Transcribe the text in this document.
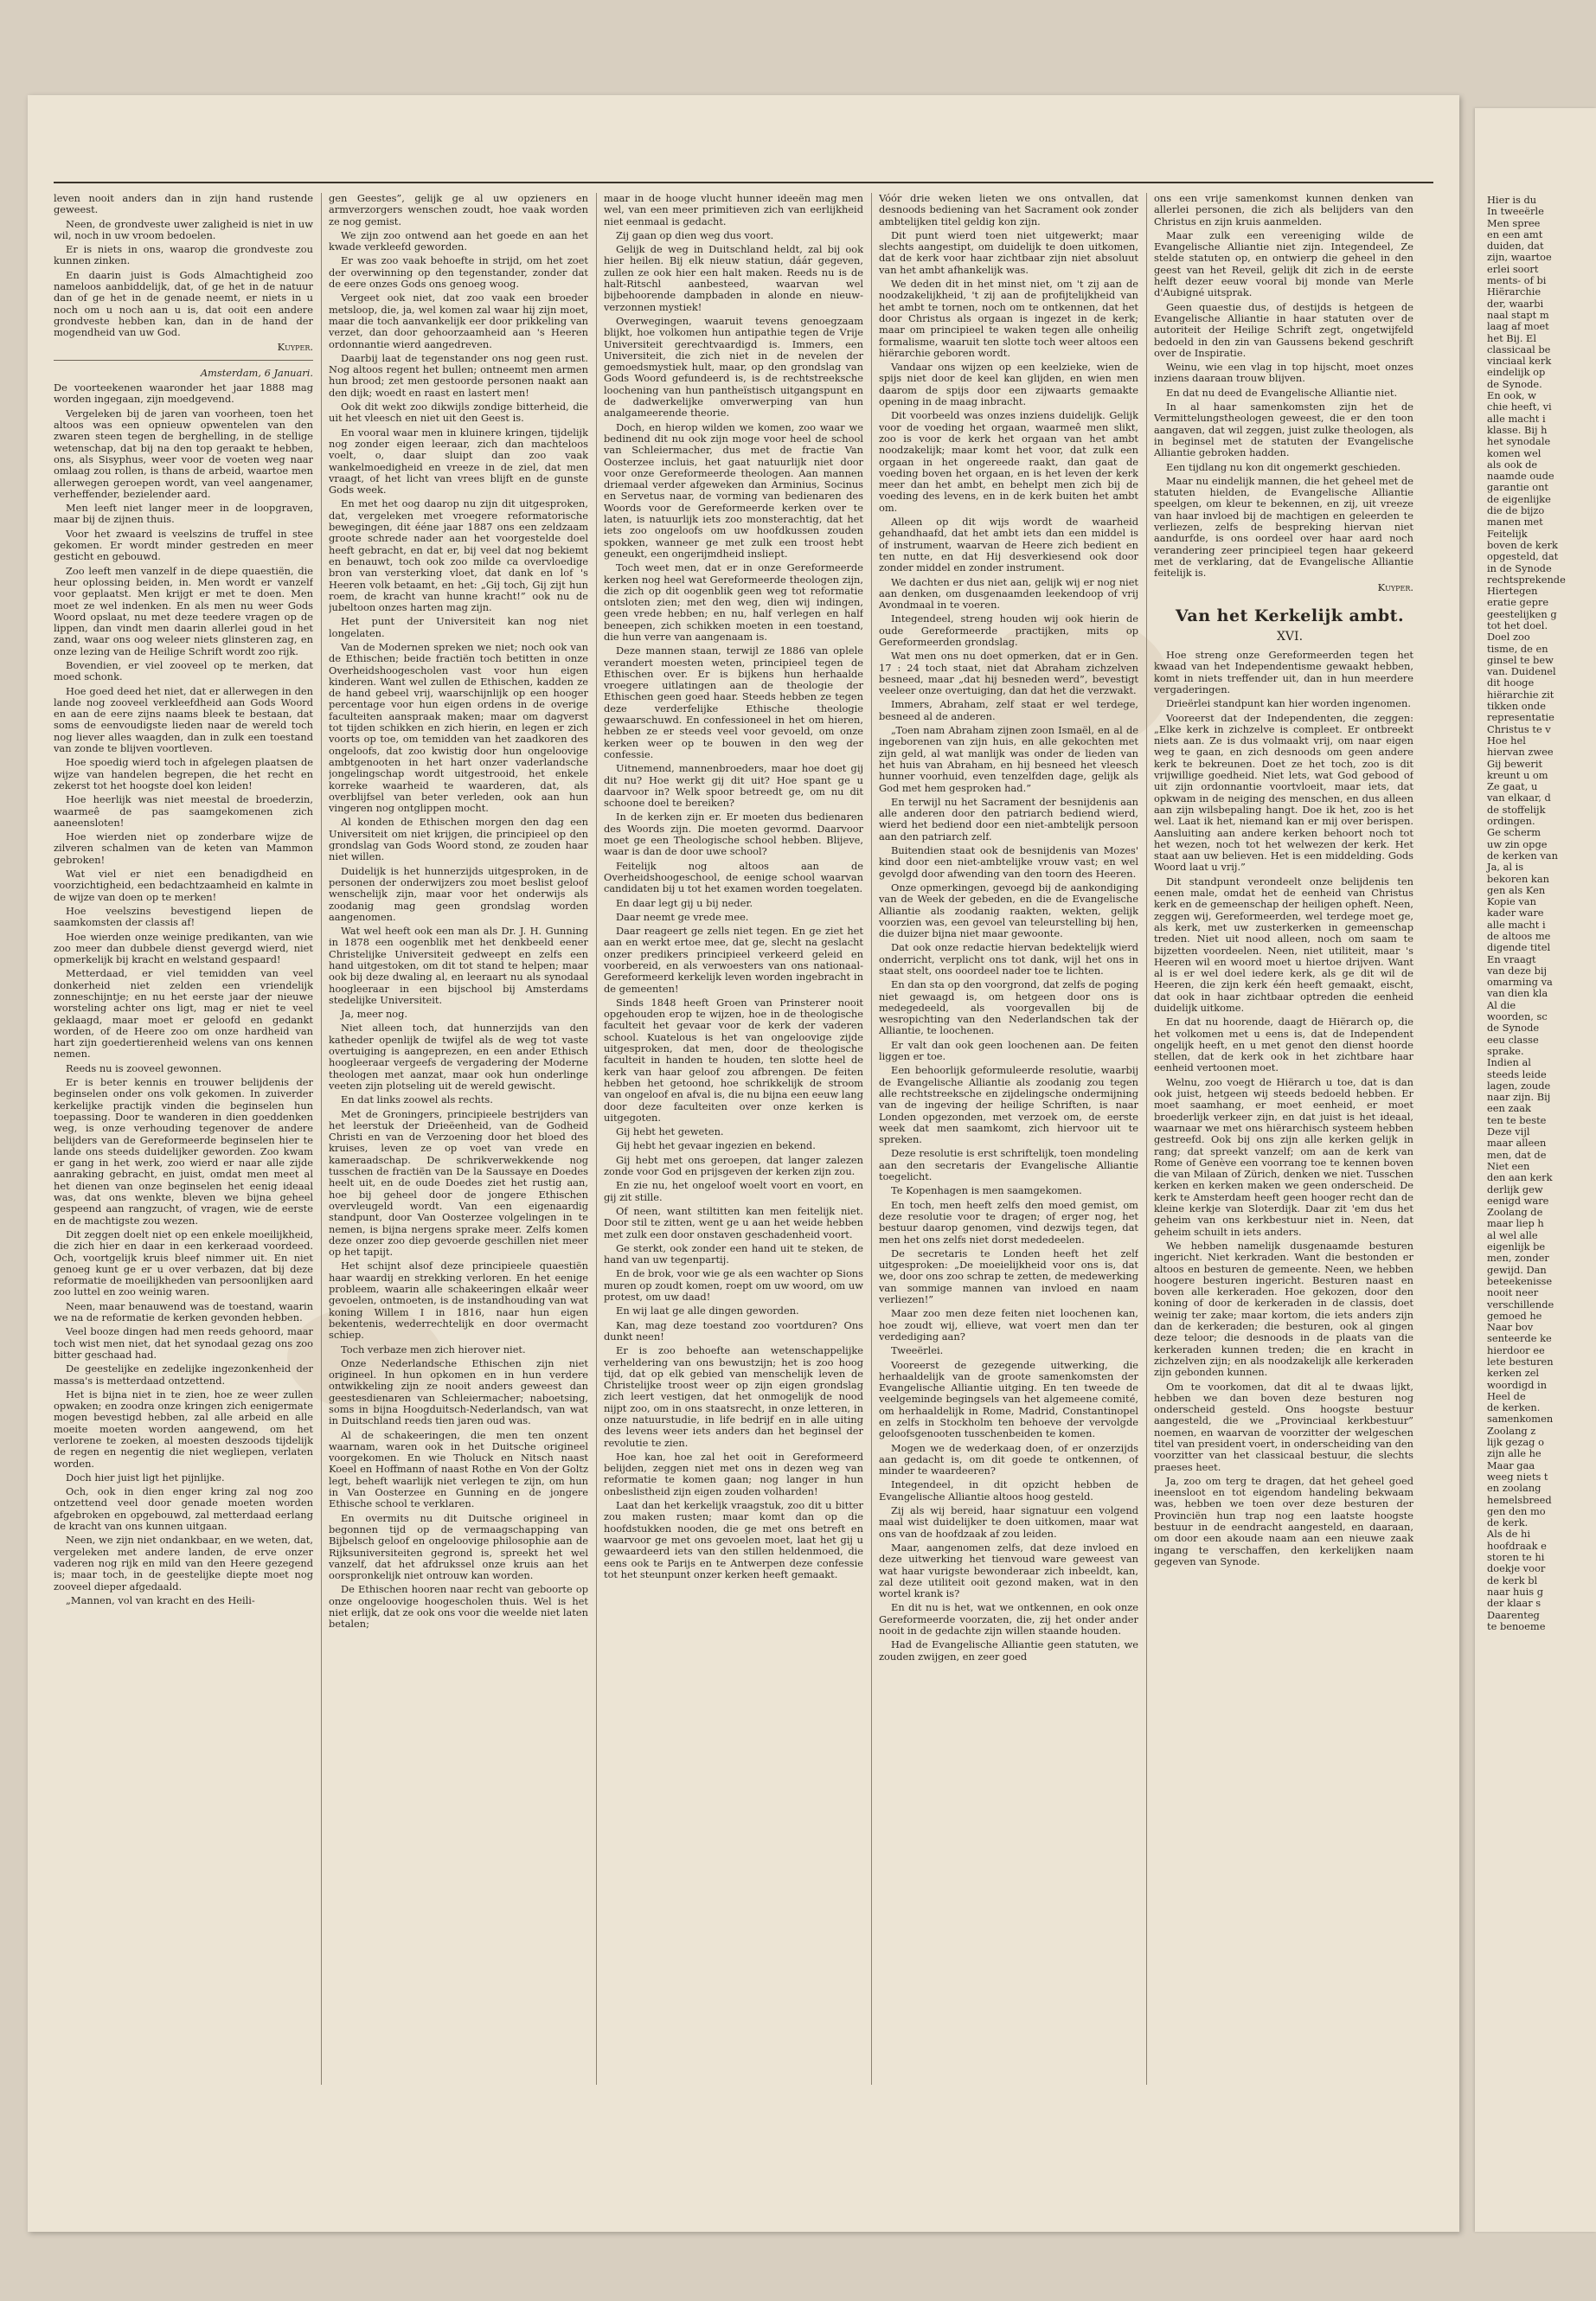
leven nooit anders dan in zijn hand rustende geweest.

Neen, de grondveste uwer zaligheid is niet in uw wil, noch in uw vroom bedoelen.

Er is niets in ons, waarop die grondveste zou kunnen zinken.

En daarin juist is Gods Almachtigheid zoo nameloos aanbiddelijk, dat, of ge het in de natuur dan of ge het in de genade neemt, er niets in u noch om u noch aan u is, dat ooit een andere grondveste hebben kan, dan in de hand der mogendheid van uw God.

Kuyper.
Amsterdam, 6 Januari.

De voorteekenen waaronder het jaar 1888 mag worden ingegaan, zijn moedgevend.

Vergeleken bij de jaren van voorheen, toen het altoos was een opnieuw opwentelen van den zwaren steen tegen de berghelling, in de stellige wetenschap, dat bij na den top geraakt te hebben, ons, als Sisyphus, weer voor de voeten weg naar omlaag zou rollen, is thans de arbeid, waartoe men allerwegen geroepen wordt, van veel aangenamer, verheffender, bezielender aard.

Men leeft niet langer meer in de loopgraven, maar bij de zijnen thuis.

Voor het zwaard is veelszins de truffel in stee gekomen. Er wordt minder gestreden en meer gesticht en gebouwd.

Zoo leeft men vanzelf in de diepe quaestiën, die heur oplossing beiden, in. Men wordt er vanzelf voor geplaatst. Men krijgt er met te doen. Men moet ze wel indenken. En als men nu weer Gods Woord opslaat, nu met deze teedere vragen op de lippen, dan vindt men daarin allerlei goud in het zand, waar ons oog weleer niets glinsteren zag, en onze lezing van de Heilige Schrift wordt zoo rijk.

Bovendien, er viel zooveel op te merken, dat moed schonk.

Hoe goed deed het niet, dat er allerwegen in den lande nog zooveel verkleefdheid aan Gods Woord en aan de eere zijns naams bleek te bestaan, dat soms de eenvoudigste lieden naar de wereld toch nog liever alles waagden, dan in zulk een toestand van zonde te blijven voortleven.

Hoe spoedig wierd toch in afgelegen plaatsen de wijze van handelen begrepen, die het recht en zekerst tot het hoogste doel kon leiden!

Hoe heerlijk was niet meestal de broederzin, waarmeê de pas saamgekomenen zich aaneensloten!

Hoe wierden niet op zonderbare wijze de zilveren schalmen van de keten van Mammon gebroken!

Wat viel er niet een benadigdheid en voorzichtigheid, een bedachtzaamheid en kalmte in de wijze van doen op te merken!

Hoe veelszins bevestigend liepen de saamkomsten der classis af!

Hoe wierden onze weinige predikanten, van wie zoo meer dan dubbele dienst gevergd wierd, niet opmerkelijk bij kracht en welstand gespaard!

Metterdaad, er viel temidden van veel donkerheid niet zelden een vriendelijk zonneschijntje; en nu het eerste jaar der nieuwe worsteling achter ons ligt, mag er niet te veel geklaagd, maar moet er geloofd en gedankt worden, of de Heere zoo om onze hardheid van hart zijn goedertierenheid welens van ons kennen nemen.

Reeds nu is zooveel gewonnen.

Er is beter kennis en trouwer belijdenis der beginselen onder ons volk gekomen. In zuiverder kerkelijke practijk vinden die beginselen hun toepassing. Door te wanderen in dien goeddenken weg, is onze verhouding tegenover de andere belijders van de Gereformeerde beginselen hier te lande ons steeds duidelijker geworden. Zoo kwam er gang in het werk, zoo wierd er naar alle zijde aanraking gebracht, en juist, omdat men meet al het dienen van onze beginselen het eenig ideaal was, dat ons wenkte, bleven we bijna geheel gespeend aan rangzucht, of vragen, wie de eerste en de machtigste zou wezen.

Dit zeggen doelt niet op een enkele moeilijkheid, die zich hier en daar in een kerkeraad voordeed. Och, voortgelijk kruis bleef nimmer uit. En niet genoeg kunt ge er u over verbazen, dat bij deze reformatie de moeilijkheden van persoonlijken aard zoo luttel en zoo weinig waren.

Neen, maar benauwend was de toestand, waarin we na de reformatie de kerken gevonden hebben.

Veel booze dingen had men reeds gehoord, maar toch wist men niet, dat het synodaal gezag ons zoo bitter geschaad had.

De geestelijke en zedelijke ingezonkenheid der massa's is metterdaad ontzettend.

Het is bijna niet in te zien, hoe ze weer zullen opwaken; en zoodra onze kringen zich eenigermate mogen bevestigd hebben, zal alle arbeid en alle moeite moeten worden aangewend, om het verlorene te zoeken, al moesten deszoods tijdelijk de regen en negentig die niet wegliepen, verlaten worden.

Doch hier juist ligt het pijnlijke.

Och, ook in dien enger kring zal nog zoo ontzettend veel door genade moeten worden afgebroken en opgebouwd, zal metterdaad eerlang de kracht van ons kunnen uitgaan.

Neen, we zijn niet ondankbaar, en we weten, dat, vergeleken met andere landen, de erve onzer vaderen nog rijk en mild van den Heere gezegend is; maar toch, in de geestelijke diepte moet nog zooveel dieper afgedaald.

„Mannen, vol van kracht en des Heili-

gen Geestes”, gelijk ge al uw opzieners en armverzorgers wenschen zoudt, hoe vaak worden ze nog gemist.

We zijn zoo ontwend aan het goede en aan het kwade verkleefd geworden.

Er was zoo vaak behoefte in strijd, om het zoet der overwinning op den tegenstander, zonder dat de eere onzes Gods ons genoeg woog.

Vergeet ook niet, dat zoo vaak een broeder metsloop, die, ja, wel komen zal waar hij zijn moet, maar die toch aanvankelijk eer door prikkeling van verzet, dan door gehoorzaamheid aan 's Heeren ordonnantie wierd aangedreven.

Daarbij laat de tegenstander ons nog geen rust. Nog altoos regent het bullen; ontneemt men armen hun brood; zet men gestoorde personen naakt aan den dijk; woedt en raast en lastert men!

Ook dit wekt zoo dikwijls zondige bitterheid, die uit het vleesch en niet uit den Geest is.

En vooral waar men in kluinere kringen, tijdelijk nog zonder eigen leeraar, zich dan machteloos voelt, o, daar sluipt dan zoo vaak wankelmoedigheid en vreeze in de ziel, dat men vraagt, of het licht van vrees blijft en de gunste Gods week.

En met het oog daarop nu zijn dit uitgesproken, dat, vergeleken met vroegere reformatorische bewegingen, dit ééne jaar 1887 ons een zeldzaam groote schrede nader aan het voorgestelde doel heeft gebracht, en dat er, bij veel dat nog bekiemt en benauwt, toch ook zoo milde ca overvloedige bron van versterking vloet, dat dank en lof 's Heeren volk betaamt, en het: „Gij toch, Gij zijt hun roem, de kracht van hunne kracht!” ook nu de jubeltoon onzes harten mag zijn.

Het punt der Universiteit kan nog niet longelaten.

Van de Modernen spreken we niet; noch ook van de Ethischen; beide fractiën toch betitten in onze Overheidshoogescholen vast voor hun eigen kinderen. Want wel zullen de Ethischen, kadden ze de hand gebeel vrij, waarschijnlijk op een hooger percentage voor hun eigen ordens in de overige faculteiten aanspraak maken; maar om dagverst tot tijden schikken en zich hierin, en legen er zich voorts op toe, om temidden van het zaadkoren des ongeloofs, dat zoo kwistig door hun ongeloovige ambtgenooten in het hart onzer vaderlandsche jongelingschap wordt uitgestrooid, het enkele korreke waarheid te waarderen, dat, als overblijfsel van beter verleden, ook aan hun vingeren nog ontglippen mocht.

Al konden de Ethischen morgen den dag een Universiteit om niet krijgen, die principieel op den grondslag van Gods Woord stond, ze zouden haar niet willen.

Duidelijk is het hunnerzijds uitgesproken, in de personen der onderwijzers zou moet beslist geloof wenschelijk zijn, maar voor het onderwijs als zoodanig mag geen grondslag worden aangenomen.

Wat wel heeft ook een man als Dr. J. H. Gunning in 1878 een oogenblik met het denkbeeld eener Christelijke Universiteit gedweept en zelfs een hand uitgestoken, om dit tot stand te helpen; maar ook bij deze dwaling al, en leeraart nu als synodaal hoogleeraar in een bijschool bij Amsterdams stedelijke Universiteit.

Ja, meer nog.

Niet alleen toch, dat hunnerzijds van den katheder openlijk de twijfel als de weg tot vaste overtuiging is aangeprezen, en een ander Ethisch hoogleeraar vergeefs de vergadering der Moderne theologen met aanzat, maar ook hun onderlinge veeten zijn plotseling uit de wereld gewischt.

En dat links zoowel als rechts.

Met de Groningers, principieele bestrijders van het leerstuk der Drieëenheid, van de Godheid Christi en van de Verzoening door het bloed des kruises, leven ze op voet van vrede en kameraadschap. De schrikverwekkende nog tusschen de fractiën van De la Saussaye en Doedes heelt uit, en de oude Doedes ziet het rustig aan, hoe bij geheel door de jongere Ethischen overvleugeld wordt. Van een eigenaardig standpunt, door Van Oosterzee volgelingen in te nemen, is bijna nergens sprake meer. Zelfs komen deze onzer zoo diep gevoerde geschillen niet meer op het tapijt.

Het schijnt alsof deze principieele quaestiën haar waardij en strekking verloren. En het eenige probleem, waarin alle schakeeringen elkaâr weer gevoelen, ontmoeten, is de instandhouding van wat koning Willem I in 1816, naar hun eigen bekentenis, wederrechtelijk en door overmacht schiep.

Toch verbaze men zich hierover niet.

Onze Nederlandsche Ethischen zijn niet origineel. In hun opkomen en in hun verdere ontwikkeling zijn ze nooit anders geweest dan geestesdienaren van Schleiermacher; naboetsing, soms in bijna Hoogduitsch-Nederlandsch, van wat in Duitschland reeds tien jaren oud was.

Al de schakeeringen, die men ten onzent waarnam, waren ook in het Duitsche origineel voorgekomen. En wie Tholuck en Nitsch naast Koeel en Hoffmann of naast Rothe en Von der Goltz legt, beheft waarlijk niet verlegen te zijn, om hun in Van Oosterzee en Gunning en de jongere Ethische school te verklaren.

En overmits nu dit Duitsche origineel in begonnen tijd op de vermaagschapping van Bijbelsch geloof en ongeloovige philosophie aan de Rijksuniversiteiten gegrond is, spreekt het wel vanzelf, dat het afdrukssel onze kruis aan het oorspronkelijk niet ontrouw kan worden.

De Ethischen hooren naar recht van geboorte op onze ongeloovige hoogescholen thuis. Wel is het niet erlijk, dat ze ook ons voor die weelde niet laten betalen;

maar in de hooge vlucht hunner ideeën mag men wel, van een meer primitieven zich van eerlijkheid niet eenmaal is gedacht.

Zij gaan op dien weg dus voort.

Gelijk de weg in Duitschland heldt, zal bij ook hier heilen. Bij elk nieuw statiun, dáár gegeven, zullen ze ook hier een halt maken. Reeds nu is de halt-Ritschl aanbesteed, waarvan wel bijbehoorende dampbaden in alonde en nieuw-verzonnen mystiek!

Overwegingen, waaruit tevens genoegzaam blijkt, hoe volkomen hun antipathie tegen de Vrije Universiteit gerechtvaardigd is. Immers, een Universiteit, die zich niet in de nevelen der gemoedsmystiek hult, maar, op den grondslag van Gods Woord gefundeerd is, is de rechtstreeksche loochening van hun pantheïstisch uitgangspunt en de dadwerkelijke omverwerping van hun analgameerende theorie.

Doch, en hierop wilden we komen, zoo waar we bedinend dit nu ook zijn moge voor heel de school van Schleiermacher, dus met de fractie Van Oosterzee incluis, het gaat natuurlijk niet door voor onze Gereformeerde theologen. Aan mannen driemaal verder afgeweken dan Arminius, Socinus en Servetus naar, de vorming van bedienaren des Woords voor de Gereformeerde kerken over te laten, is natuurlijk iets zoo monsterachtig, dat het iets zoo ongeloofs om uw hoofdkussen zouden spokken, wanneer ge met zulk een troost hebt geneukt, een ongerijmdheid insliept.

Toch weet men, dat er in onze Gereformeerde kerken nog heel wat Gereformeerde theologen zijn, die zich op dit oogenblik geen weg tot reformatie ontsloten zien; met den weg, dien wij indingen, geen vrede hebben; en nu, half verlegen en half beneepen, zich schikken moeten in een toestand, die hun verre van aangenaam is.

Deze mannen staan, terwijl ze 1886 van oplele verandert moesten weten, principieel tegen de Ethischen over. Er is bijkens hun herhaalde vroegere uitlatingen aan de theologie der Ethischen geen goed haar. Steeds hebben ze tegen deze verderfelijke Ethische theologie gewaarschuwd. En confessioneel in het om hieren, hebben ze er steeds veel voor gevoeld, om onze kerken weer op te bouwen in den weg der confessie.

Uitnemend, mannenbroeders, maar hoe doet gij dit nu? Hoe werkt gij dit uit? Hoe spant ge u daarvoor in? Welk spoor betreedt ge, om nu dit schoone doel te bereiken?

In de kerken zijn er. Er moeten dus bedienaren des Woords zijn. Die moeten gevormd. Daarvoor moet ge een Theologische school hebben. Blijeve, waar is dan de door uwe school?

Feitelijk nog altoos aan de Overheidshoogeschool, de eenige school waarvan candidaten bij u tot het examen worden toegelaten.

En daar legt gij u bij neder.

Daar neemt ge vrede mee.

Daar reageert ge zells niet tegen. En ge ziet het aan en werkt ertoe mee, dat ge, slecht na geslacht onzer predikers principieel verkeerd geleid en voorbereid, en als verwoesters van ons nationaal-Gereformeerd kerkelijk leven worden ingebracht in de gemeenten!

Sinds 1848 heeft Groen van Prinsterer nooit opgehouden erop te wijzen, hoe in de theologische faculteit het gevaar voor de kerk der vaderen school. Kuatelous is het van ongeloovige zijde uitgesproken, dat men, door de theologische faculteit in handen te houden, ten slotte heel de kerk van haar geloof zou afbrengen. De feiten hebben het getoond, hoe schrikkelijk de stroom van ongeloof en afval is, die nu bijna een eeuw lang door deze faculteiten over onze kerken is uitgegoten.

Gij hebt het geweten.

Gij hebt het gevaar ingezien en bekend.

Gij hebt met ons geroepen, dat langer zalezen zonde voor God en prijsgeven der kerken zijn zou.

En zie nu, het ongeloof woelt voort en voort, en gij zit stille.

Of neen, want stiltitten kan men feitelijk niet. Door stil te zitten, went ge u aan het weide hebben met zulk een door onstaven geschadenheid voort.

Ge sterkt, ook zonder een hand uit te steken, de hand van uw tegenpartij.

En de brok, voor wie ge als een wachter op Sions muren op zoudt komen, roept om uw woord, om uw protest, om uw daad!

En wij laat ge alle dingen geworden.

Kan, mag deze toestand zoo voortduren? Ons dunkt neen!

Er is zoo behoefte aan wetenschappelijke verheldering van ons bewustzijn; het is zoo hoog tijd, dat op elk gebied van menschelijk leven de Christelijke troost weer op zijn eigen grondslag zich leert vestigen, dat het onmogelijk de nood nijpt zoo, om in ons staatsrecht, in onze letteren, in onze natuurstudie, in life bedrijf en in alle uiting des levens weer iets anders dan het beginsel der revolutie te zien.

Hoe kan, hoe zal het ooit in Gereformeerd belijden, zeggen niet met ons in dezen weg van reformatie te komen gaan; nog langer in hun onbeslistheid zijn eigen zouden volharden!

Laat dan het kerkelijk vraagstuk, zoo dit u bitter zou maken rusten; maar komt dan op die hoofdstukken nooden, die ge met ons betreft en waarvoor ge met ons gevoelen moet, laat het gij u gewaardeerd iets van den stillen heldenmoed, die eens ook te Parijs en te Antwerpen deze confessie tot het steunpunt onzer kerken heeft gemaakt.

Vóór drie weken lieten we ons ontvallen, dat desnoods bediening van het Sacrament ook zonder ambtelijken titel geldig kon zijn.

Dit punt wierd toen niet uitgewerkt; maar slechts aangestipt, om duidelijk te doen uitkomen, dat de kerk voor haar zichtbaar zijn niet absoluut van het ambt afhankelijk was.

We deden dit in het minst niet, om 't zij aan de noodzakelijkheid, 't zij aan de profijtelijkheid van het ambt te tornen, noch om te ontkennen, dat het door Christus als orgaan is ingezet in de kerk; maar om principieel te waken tegen alle onheilig formalisme, waaruit ten slotte toch weer altoos een hiërarchie geboren wordt.

Vandaar ons wijzen op een keelzieke, wien de spijs niet door de keel kan glijden, en wien men daarom de spijs door een zijwaarts gemaakte opening in de maag inbracht.

Dit voorbeeld was onzes inziens duidelijk. Gelijk voor de voeding het orgaan, waarmeê men slikt, zoo is voor de kerk het orgaan van het ambt noodzakelijk; maar komt het voor, dat zulk een orgaan in het ongereede raakt, dan gaat de voeding boven het orgaan, en is het leven der kerk meer dan het ambt, en behelpt men zich bij de voeding des levens, en in de kerk buiten het ambt om.

Alleen op dit wijs wordt de waarheid gehandhaafd, dat het ambt iets dan een middel is of instrument, waarvan de Heere zich bedient en ten nutte, en dat Hij desverkiesend ook door zonder middel en zonder instrument.

We dachten er dus niet aan, gelijk wij er nog niet aan denken, om dusgenaamden leekendoop of vrij Avondmaal in te voeren.

Integendeel, streng houden wij ook hierin de oude Gereformeerde practijken, mits op Gereformeerden grondslag.

Wat men ons nu doet opmerken, dat er in Gen. 17 : 24 toch staat, niet dat Abraham zichzelven besneed, maar „dat hij besneden werd”, bevestigt veeleer onze overtuiging, dan dat het die verzwakt.

Immers, Abraham, zelf staat er wel terdege, besneed al de anderen.

„Toen nam Abraham zijnen zoon Ismaël, en al de ingeborenen van zijn huis, en alle gekochten met zijn geld, al wat manlijk was onder de lieden van het huis van Abraham, en hij besneed het vleesch hunner voorhuid, even tenzelfden dage, gelijk als God met hem gesproken had.”

En terwijl nu het Sacrament der besnijdenis aan alle anderen door den patriarch bediend wierd, wierd het bediend door een niet-ambtelijk persoon aan den patriarch zelf.

Buitendien staat ook de besnijdenis van Mozes' kind door een niet-ambtelijke vrouw vast; en wel gevolgd door afwending van den toorn des Heeren.

Onze opmerkingen, gevoegd bij de aankondiging van de Week der gebeden, en die de Evangelische Alliantie als zoodanig raakten, wekten, gelijk voorzien was, een gevoel van teleurstelling bij hen, die duizer bijna niet maar gewoonte.

Dat ook onze redactie hiervan bedektelijk wierd onderricht, verplicht ons tot dank, wijl het ons in staat stelt, ons ooordeel nader toe te lichten.

En dan sta op den voorgrond, dat zelfs de poging niet gewaagd is, om hetgeen door ons is medegedeeld, als voorgevallen bij de wesropichting van den Nederlandschen tak der Alliantie, te loochenen.

Er valt dan ook geen loochenen aan. De feiten liggen er toe.

Een behoorlijk geformuleerde resolutie, waarbij de Evangelische Alliantie als zoodanig zou tegen alle rechtstreeksche en zijdelingsche ondermijning van de ingeving der heilige Schriften, is naar Londen opgezonden, met verzoek om, de eerste week dat men saamkomt, zich hiervoor uit te spreken.

Deze resolutie is erst schriftelijk, toen mondeling aan den secretaris der Evangelische Alliantie toegelicht.

Te Kopenhagen is men saamgekomen.

En toch, men heeft zelfs den moed gemist, om deze resolutie voor te dragen; of erger nog, het bestuur daarop genomen, vind dezwijs tegen, dat men het ons zelfs niet dorst mededeelen.

De secretaris te Londen heeft het zelf uitgesproken: „De moeielijkheid voor ons is, dat we, door ons zoo schrap te zetten, de medewerking van sommige mannen van invloed en naam verliezen!”

Maar zoo men deze feiten niet loochenen kan, hoe zoudt wij, ellieve, wat voert men dan ter verdediging aan?

Tweeërlei.

Vooreerst de gezegende uitwerking, die herhaaldelijk van de groote samenkomsten der Evangelische Alliantie uitging. En ten tweede de veelgeminde begingsels van het algemeene comité, om herhaaldelijk in Rome, Madrid, Constantinopel en zelfs in Stockholm ten behoeve der vervolgde geloofsgenooten tusschenbeiden te komen.

Mogen we de wederkaag doen, of er onzerzijds aan gedacht is, om dit goede te ontkennen, of minder te waardeeren?

Integendeel, in dit opzicht hebben de Evangelische Alliantie altoos hoog gesteld.

Zij als wij bereid, haar signatuur een volgend maal wist duidelijker te doen uitkomen, maar wat ons van de hoofdzaak af zou leiden.

Maar, aangenomen zelfs, dat deze invloed en deze uitwerking het tienvoud ware geweest van wat haar vurigste bewonderaar zich inbeeldt, kan, zal deze utiliteit ooit gezond maken, wat in den wortel krank is?

En dit nu is het, wat we ontkennen, en ook onze Gereformeerde voorzaten, die, zij het onder ander nooit in de gedachte zijn willen staande houden.

Had de Evangelische Alliantie geen statuten, we zouden zwijgen, en zeer goed

ons een vrije samenkomst kunnen denken van allerlei personen, die zich als belijders van den Christus en zijn kruis aanmelden.

Maar zulk een vereeniging wilde de Evangelische Alliantie niet zijn. Integendeel, Ze stelde statuten op, en ontwierp die geheel in den geest van het Reveil, gelijk dit zich in de eerste helft dezer eeuw vooral bij monde van Merle d'Aubigné uitsprak.

Geen quaestie dus, of destijds is hetgeen de Evangelische Alliantie in haar statuten over de autoriteit der Heilige Schrift zegt, ongetwijfeld bedoeld in den zin van Gaussens bekend geschrift over de Inspiratie.

Weinu, wie een vlag in top hijscht, moet onzes inziens daaraan trouw blijven.

En dat nu deed de Evangelische Alliantie niet.

In al haar samenkomsten zijn het de Vermittelungstheologen geweest, die er den toon aangaven, dat wil zeggen, juist zulke theologen, als in beginsel met de statuten der Evangelische Alliantie gebroken hadden.

Een tijdlang nu kon dit ongemerkt geschieden.

Maar nu eindelijk mannen, die het geheel met de statuten hielden, de Evangelische Alliantie speelgen, om kleur te bekennen, en zij, uit vreeze van haar invloed bij de machtigen en geleerden te verliezen, zelfs de bespreking hiervan niet aandurfde, is ons oordeel over haar aard noch verandering zeer principieel tegen haar gekeerd met de verklaring, dat de Evangelische Alliantie feitelijk is.

Kuyper.

Van het Kerkelijk ambt.

XVI.

Hoe streng onze Gereformeerden tegen het kwaad van het Independentisme gewaakt hebben, komt in niets treffender uit, dan in hun meerdere vergaderingen.

Drieërlei standpunt kan hier worden ingenomen.

Vooreerst dat der Independenten, die zeggen: „Elke kerk in zichzelve is compleet. Er ontbreekt niets aan. Ze is dus volmaakt vrij, om naar eigen weg te gaan, en zich desnoods om geen andere kerk te bekreunen. Doet ze het toch, zoo is dit vrijwillige goedheid. Niet lets, wat God gebood of uit zijn ordonnantie voortvloeit, maar iets, dat opkwam in de neiging des menschen, en dus alleen aan zijn wilsbepaling hangt. Doe ik het, zoo is het wel. Laat ik het, niemand kan er mij over berispen. Aansluiting aan andere kerken behoort noch tot het wezen, noch tot het welwezen der kerk. Het staat aan uw believen. Het is een middelding. Gods Woord laat u vrij.”

Dit standpunt verondeelt onze belijdenis ten eenen male, omdat het de eenheid van Christus kerk en de gemeenschap der heiligen opheft. Neen, zeggen wij, Gereformeerden, wel terdege moet ge, als kerk, met uw zusterkerken in gemeenschap treden. Niet uit nood alleen, noch om saam te bijzetten voordeelen. Neen, niet utiliteit, maar 's Heeren wil en woord moet u hiertoe drijven. Want al is er wel doel iedere kerk, als ge dit wil de Heeren, die zijn kerk één heeft gemaakt, eischt, dat ook in haar zichtbaar optreden die eenheid duidelijk uitkome.

En dat nu hoorende, daagt de Hiërarch op, die het volkomen met u eens is, dat de Independent ongelijk heeft, en u met genot den dienst hoorde stellen, dat de kerk ook in het zichtbare haar eenheid vertoonen moet.

Welnu, zoo voegt de Hiërarch u toe, dat is dan ook juist, hetgeen wij steeds bedoeld hebben. Er moet saamhang, er moet eenheid, er moet broederlijk verkeer zijn, en dat juist is het ideaal, waarnaar we met ons hiërarchisch systeem hebben gestreefd. Ook bij ons zijn alle kerken gelijk in rang; dat spreekt vanzelf; om aan de kerk van Rome of Genève een voorrang toe te kennen boven die van Milaan of Zürich, denken we niet. Tusschen kerken en kerken maken we geen onderscheid. De kerk te Amsterdam heeft geen hooger recht dan de kleine kerkje van Sloterdijk. Daar zit 'em dus het geheim van ons kerkbestuur niet in. Neen, dat geheim schuilt in iets anders.

We hebben namelijk dusgenaamde besturen ingericht. Niet kerkraden. Want die bestonden er altoos en besturen de gemeente. Neen, we hebben hoogere besturen ingericht. Besturen naast en boven alle kerkeraden. Hoe gekozen, door den koning of door de kerkeraden in de classis, doet weinig ter zake; maar kortom, die iets anders zijn dan de kerkeraden; die besturen, ook al gingen deze teloor; die desnoods in de plaats van die kerkeraden kunnen treden; die en kracht in zichzelven zijn; en als noodzakelijk alle kerkeraden zijn gebonden kunnen.

Om te voorkomen, dat dit al te dwaas lijkt, hebben we dan boven deze besturen nog onderscheid gesteld. Ons hoogste bestuur aangesteld, die we „Provinciaal kerkbestuur” noemen, en waarvan de voorzitter der welgeschen titel van president voert, in onderscheiding van den voorzitter van het classicaal bestuur, die slechts praeses heet.

Ja, zoo om terg te dragen, dat het geheel goed ineensloot en tot eigendom handeling bekwaam was, hebben we toen over deze besturen der Provinciën hun trap nog een laatste hoogste bestuur in de eendracht aangesteld, en daaraan, om door een akoude naam aan een nieuwe zaak ingang te verschaffen, den kerkelijken naam gegeven van Synode.

Hier is du

In tweeërle

Men spree

en een amt

duiden, dat

zijn, waartoe

erlei soort

ments- of bi

Hiërarchie

der, waarbi

naal stapt m

laag af moet

het Bij. El

classicaal be

vinciaal kerk

eindelijk op

de Synode.

En ook, w

chie heeft, vi

alle macht i

klasse. Bij h

het synodale

komen wel

als ook de

naamde oude

garantie ont

de eigenlijke

die de bijzo

manen met

Feitelijk

boven de kerk

opgesteld, dat

in de Synode

rechtsprekende

Hiertegen

eratie gepre

geestelijken g

tot het doel.

Doel zoo

tisme, de en

ginsel te bew

van. Duidenel

dit hooge

hiërarchie zit

tikken onde

representatie

Christus te v

Hoe hel

hiervan zwee

Gij bewerit

kreunt u om

Ze gaat, u

van elkaar, d

de stoffelijk

ordingen.

Ge scherm

uw zin opge

de kerken van

Ja, al is

bekoren kan

gen als Ken

Kopie van

kader ware

alle macht i

de altoos me

digende titel

En vraagt

van deze bij

omarming va

van dien kla

Al die

woorden, sc

de Synode

eeu classe

sprake.

Indien al

steeds leide

lagen, zoude

naar zijn. Bij

een zaak

ten te beste

Deze vijl

maar alleen

men, dat de

Niet een

den aan kerk

derlijk gew

eenigd ware

Zoolang de

maar liep h

al wel alle

eigenlijk be

men, zonder

gewijd. Dan

beteekenisse

nooit neer

verschillende

gemoed he

Naar bov

senteerde ke

hierdoor ee

lete besturen

kerken zel

woordigd in

Heel de

de kerken.

samenkomen

Zoolang z

lijk gezag o

zijn alle he

Maar gaa

weeg niets t

en zoolang

hemelsbreed

gen den mo

de kerk.

Als de hi

hoofdraak e

storen te hi

doekje voor

de kerk bl

naar huis g

der klaar s

Daarenteg

te benoeme
